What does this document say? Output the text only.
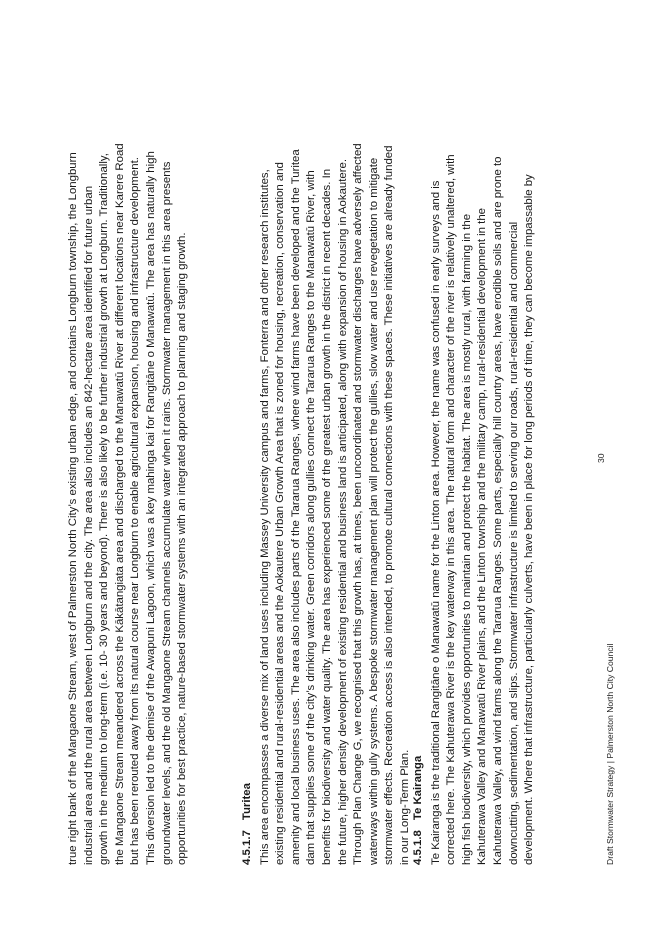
true right bank of the Mangaone Stream, west of Palmerston North City’s existing urban edge, and contains Longburn township, the Longburn industrial area and the rural area between Longburn and the city. The area also includes an 842-hectare area identified for future urban growth in the medium to long-term (i.e. 10- 30 years and beyond). There is also likely to be further industrial growth at Longburn. Traditionally, the Mangaone Stream meandered across the Kākātangiata area and discharged to the Manawatū River at different locations near Karere Road but has been rerouted away from its natural course near Longburn to enable agricultural expansion, housing and infrastructure development. This diversion led to the demise of the Awapuni Lagoon, which was a key mahinga kai for Rangitāne o Manawatū. The area has naturally high groundwater levels, and the old Mangaone Stream channels accumulate water when it rains. Stormwater management in this area presents opportunities for best practice, nature-based stormwater systems with an integrated approach to planning and staging growth.	4.5.1.7Turitea This area encompasses a diverse mix of land uses including Massey University campus and farms, Fonterra and other research institutes, existing residential and rural-residential areas and the Aokautere Urban Growth Area that is zoned for housing, recreation, conservation and amenity and local business uses. The area also includes parts of the Tararua Ranges, where wind farms have been developed and the Turitea dam that supplies some of the city’s drinking water. Green corridors along gullies connect the Tararua Ranges to the Manawatū River, with benefits for biodiversity and water quality. The area has experienced some of the greatest urban growth in the district in recent decades. In the future, higher density development of existing residential and business land is anticipated, along with expansion of housing in Aokautere. Through Plan Change G, we recognised that this growth has, at times, been uncoordinated and stormwater discharges have adversely affected waterways within gully systems. A bespoke stormwater management plan will protect the gullies, slow water and use revegetation to mitigate stormwater effects. Recreation access is also intended, to promote cultural connections with these spaces. These initiatives are already funded in our Long-Term Plan. 4.5.1.8Te Kairanga Te Kairanga is the traditional Rangitāne o Manawatū name for the Linton area. However, the name was confused in early surveys and is corrected here. The Kahuterawa River is the key waterway in this area. The natural form and character of the river is relatively unaltered, with high fish biodiversity, which provides opportunities to maintain and protect the habitat. The area is mostly rural, with farming in the Kahuterawa Valley and Manawatū River plains, and the Linton township and the military camp, rural-residential development in the Kahuterawa Valley, and wind farms along the Tararua Ranges. Some parts, especially hill country areas, have erodible soils and are prone to downcutting, sedimentation, and slips. Stormwater infrastructure is limited to serving our roads, rural-residential and commercial development. Where that infrastructure, particularly culverts, have been in place for long periods of time, they can become impassable by	Draft Stormwater Strategy | Palmerston North City Council
30
